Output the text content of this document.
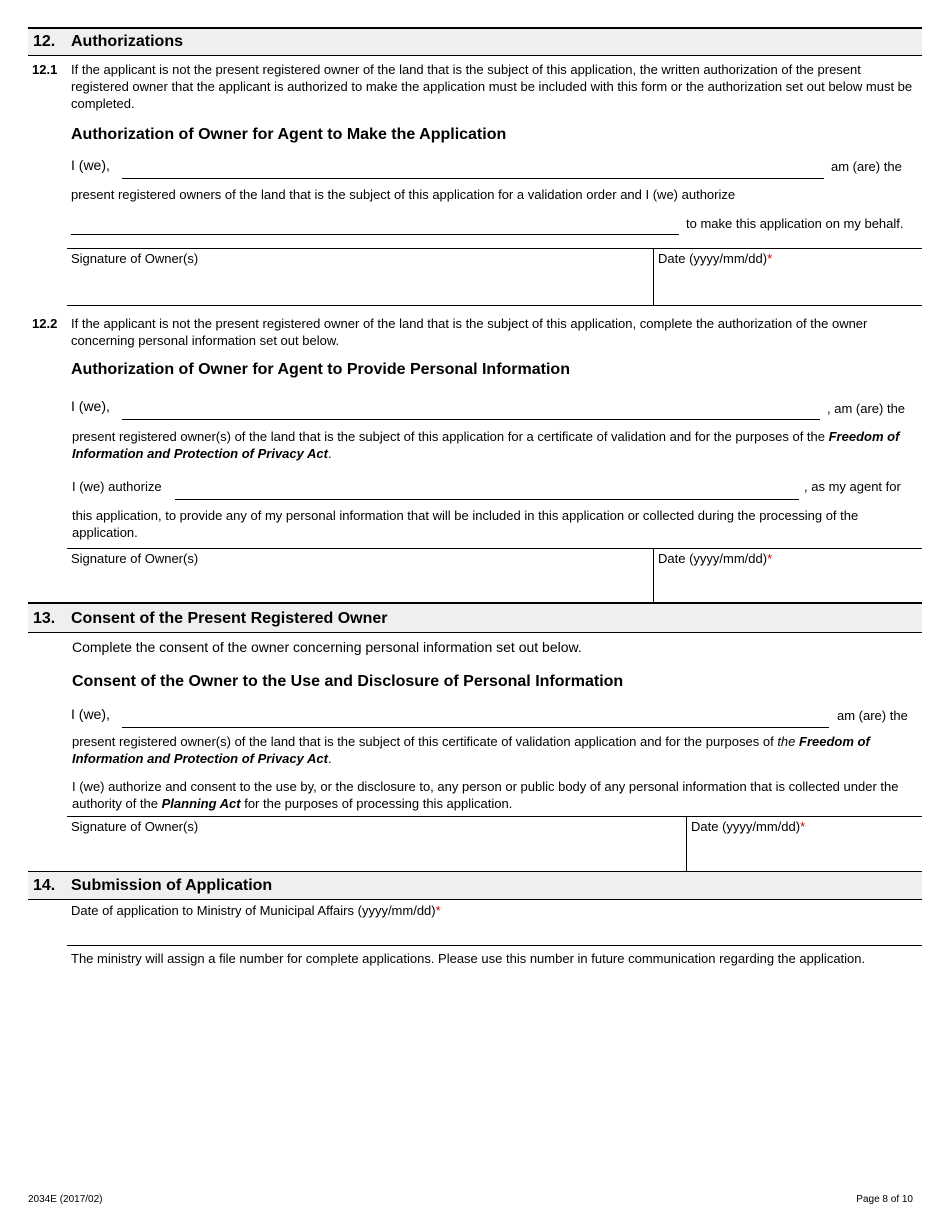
12. Authorizations
12.1 If the applicant is not the present registered owner of the land that is the subject of this application, the written authorization of the present registered owner that the applicant is authorized to make the application must be included with this form or the authorization set out below must be completed.
Authorization of Owner for Agent to Make the Application
I (we),	am (are) the
present registered owners of the land that is the subject of this application for a validation order and I (we) authorize
to make this application on my behalf.
Signature of Owner(s)	Date (yyyy/mm/dd)*
12.2 If the applicant is not the present registered owner of the land that is the subject of this application, complete the authorization of the owner concerning personal information set out below.
Authorization of Owner for Agent to Provide Personal Information
I (we),	, am (are) the
present registered owner(s) of the land that is the subject of this application for a certificate of validation and for the purposes of the Freedom of Information and Protection of Privacy Act.
I (we) authorize	, as my agent for
this application, to provide any of my personal information that will be included in this application or collected during the processing of the application.
Signature of Owner(s)	Date (yyyy/mm/dd)*
13. Consent of the Present Registered Owner
Complete the consent of the owner concerning personal information set out below.
Consent of the Owner to the Use and Disclosure of Personal Information
I (we),	am (are) the
present registered owner(s) of the land that is the subject of this certificate of validation application and for the purposes of the Freedom of Information and Protection of Privacy Act.
I (we) authorize and consent to the use by, or the disclosure to, any person or public body of any personal information that is collected under the authority of the Planning Act for the purposes of processing this application.
Signature of Owner(s)	Date (yyyy/mm/dd)*
14. Submission of Application
Date of application to Ministry of Municipal Affairs (yyyy/mm/dd)*
The ministry will assign a file number for complete applications. Please use this number in future communication regarding the application.
2034E (2017/02)	Page 8 of 10
